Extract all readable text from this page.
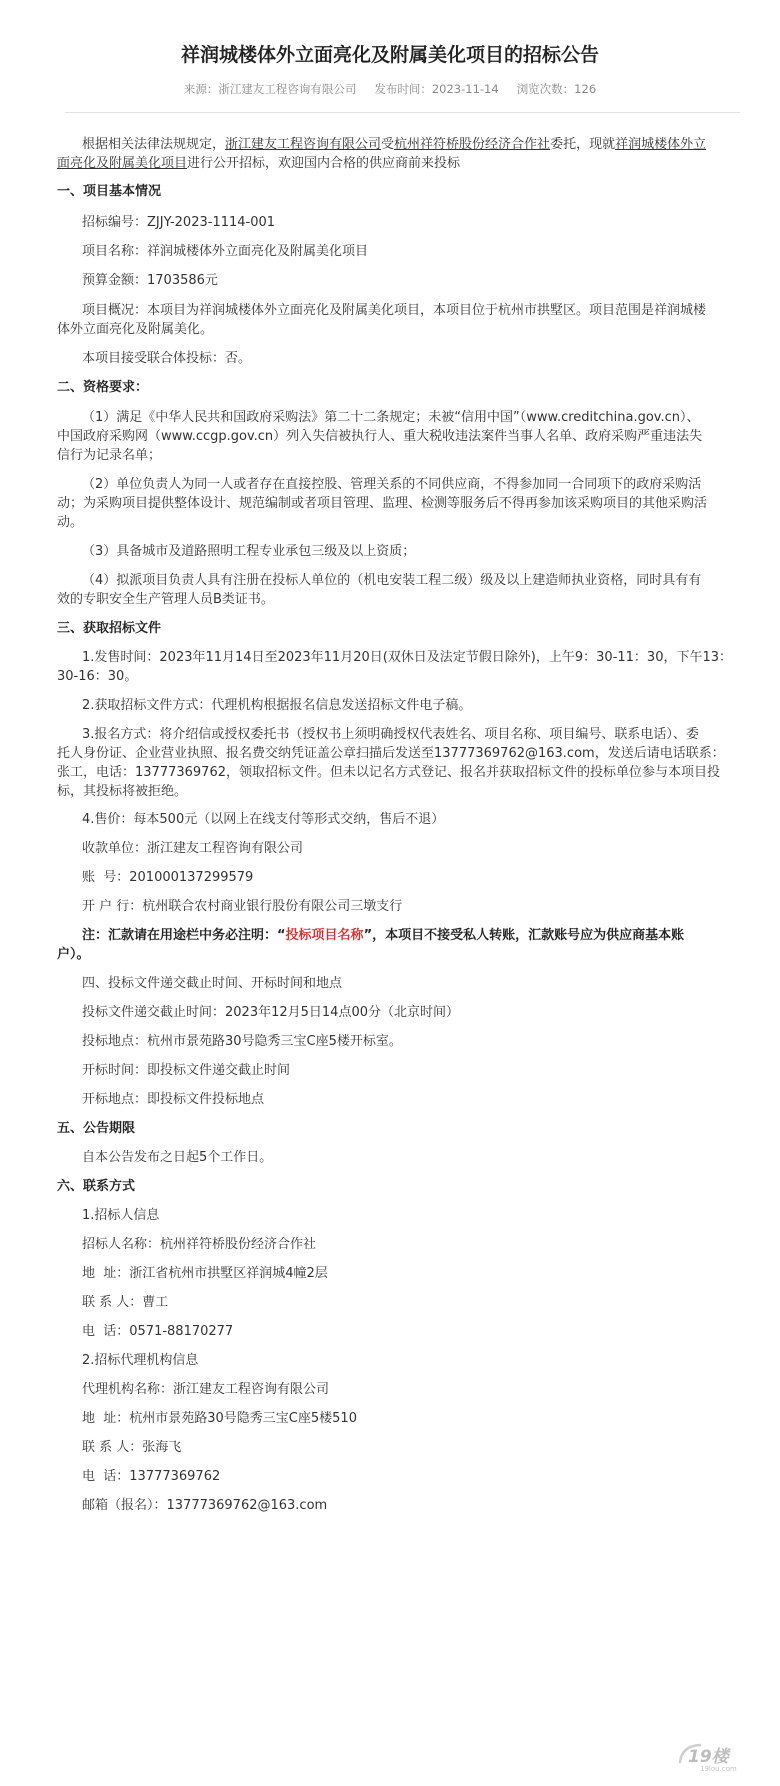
祥润城楼体外立面亮化及附属美化项目的招标公告
来源：浙江建友工程咨询有限公司 发布时间：2023-11-14 浏览次数：126
根据相关法律法规规定，浙江建友工程咨询有限公司受杭州祥符桥股份经济合作社委托，现就祥润城楼体外立
面亮化及附属美化项目进行公开招标，欢迎国内合格的供应商前来投标
一、项目基本情况
招标编号：ZJJY-2023-1114-001
项目名称：祥润城楼体外立面亮化及附属美化项目
预算金额：1703586元
项目概况：本项目为祥润城楼体外立面亮化及附属美化项目，本项目位于杭州市拱墅区。项目范围是祥润城楼
体外立面亮化及附属美化。
本项目接受联合体投标：否。
二、资格要求：
（1）满足《中华人民共和国政府采购法》第二十二条规定；未被“信用中国”（www.creditchina.gov.cn）、
中国政府采购网（www.ccgp.gov.cn）列入失信被执行人、重大税收违法案件当事人名单、政府采购严重违法失
信行为记录名单；
（2）单位负责人为同一人或者存在直接控股、管理关系的不同供应商，不得参加同一合同项下的政府采购活
动；为采购项目提供整体设计、规范编制或者项目管理、监理、检测等服务后不得再参加该采购项目的其他采购活
动。
（3）具备城市及道路照明工程专业承包三级及以上资质；
（4）拟派项目负责人具有注册在投标人单位的（机电安装工程二级）级及以上建造师执业资格，同时具有有
效的专职安全生产管理人员B类证书。
三、获取招标文件
1.发售时间：2023年11月14日至2023年11月20日(双休日及法定节假日除外)，上午9：30-11：30，下午13：
30-16：30。
2.获取招标文件方式：代理机构根据报名信息发送招标文件电子稿。
3.报名方式：将介绍信或授权委托书（授权书上须明确授权代表姓名、项目名称、项目编号、联系电话）、委
托人身份证、企业营业执照、报名费交纳凭证盖公章扫描后发送至13777369762@163.com，发送后请电话联系：
张工，电话：13777369762，领取招标文件。但未以记名方式登记、报名并获取招标文件的投标单位参与本项目投
标，其投标将被拒绝。
4.售价：每本500元（以网上在线支付等形式交纳，售后不退）
收款单位：浙江建友工程咨询有限公司
账  号：201000137299579
开 户 行：杭州联合农村商业银行股份有限公司三墩支行
注：汇款请在用途栏中务必注明：“投标项目名称”，本项目不接受私人转账，汇款账号应为供应商基本账
户）。
四、投标文件递交截止时间、开标时间和地点
投标文件递交截止时间：2023年12月5日14点00分（北京时间）
投标地点：杭州市景苑路30号隐秀三宝C座5楼开标室。
开标时间：即投标文件递交截止时间
开标地点：即投标文件投标地点
五、公告期限
自本公告发布之日起5个工作日。
六、联系方式
1.招标人信息
招标人名称：杭州祥符桥股份经济合作社
地  址：浙江省杭州市拱墅区祥润城4幢2层
联 系 人：曹工
电  话：0571-88170277
2.招标代理机构信息
代理机构名称：浙江建友工程咨询有限公司
地  址：杭州市景苑路30号隐秀三宝C座5楼510
联 系 人：张海飞
电  话：13777369762
邮箱（报名）：13777369762@163.com
19楼
19lou.com
